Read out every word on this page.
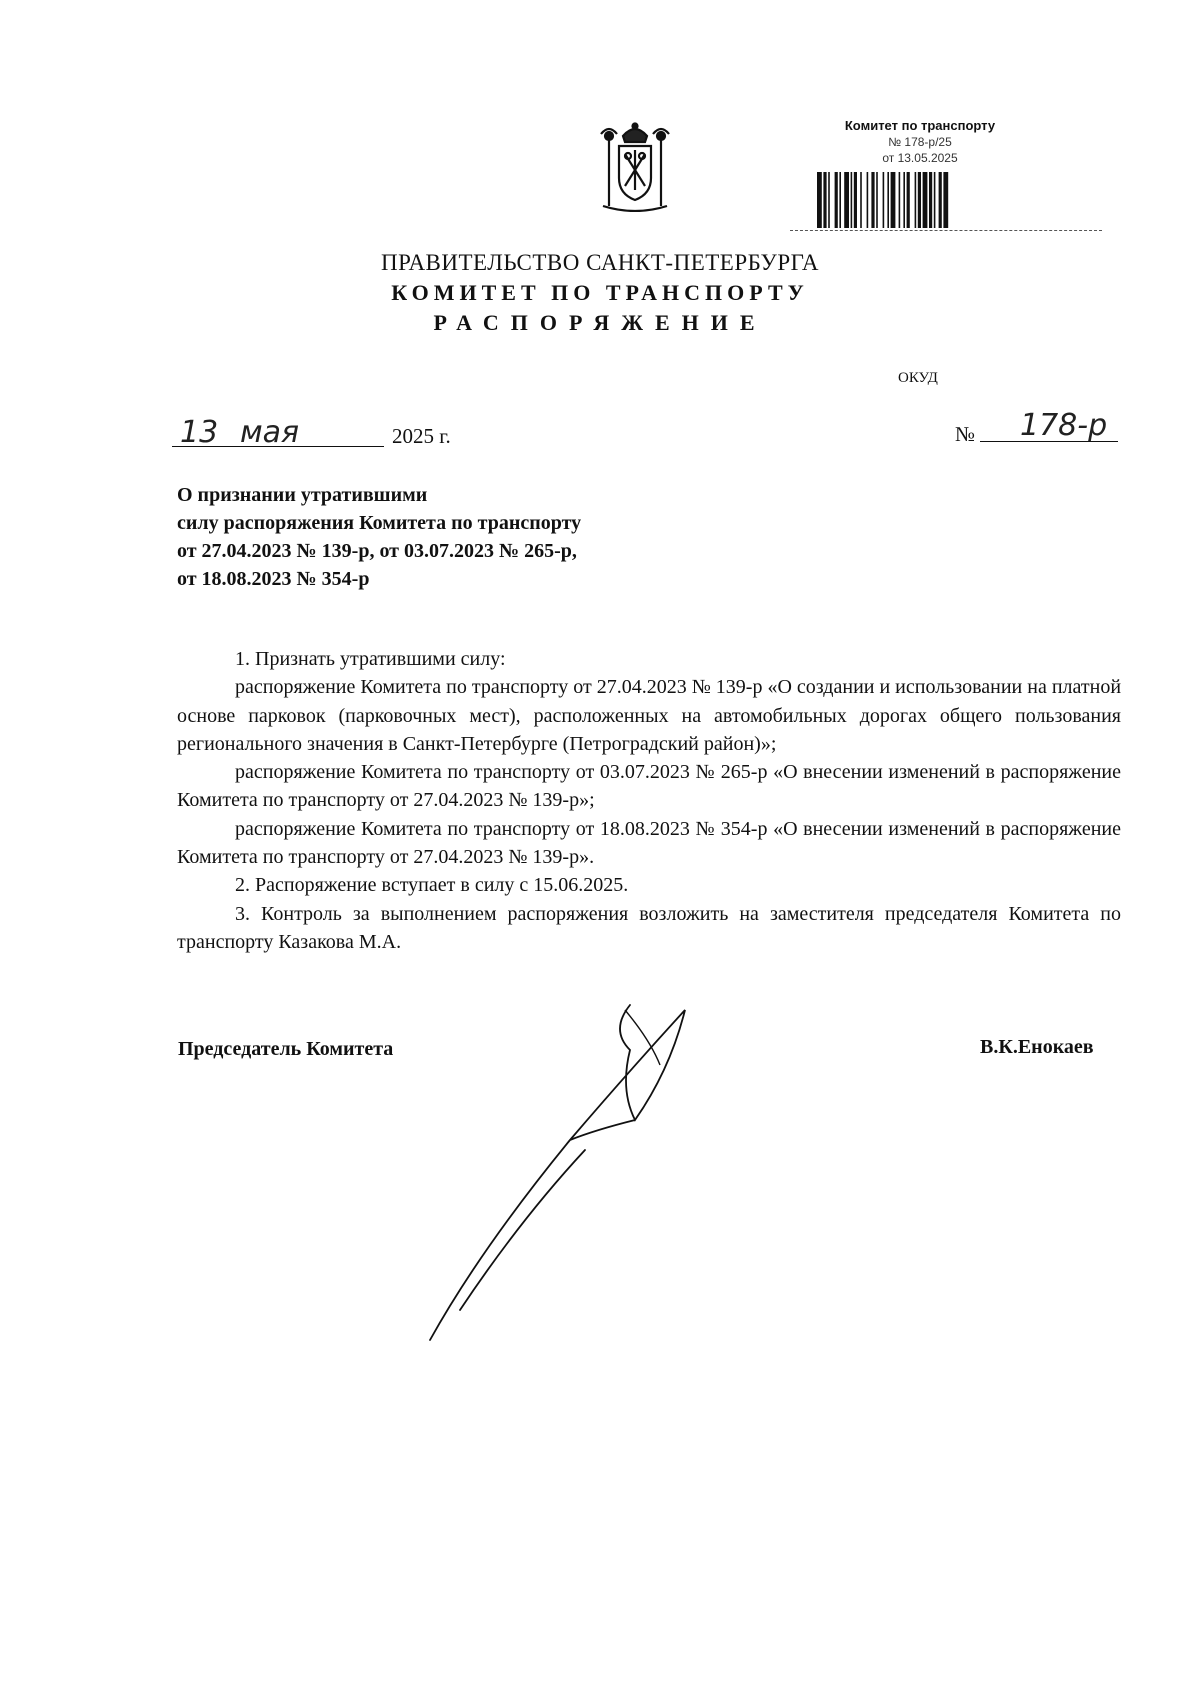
Комитет по транспорту
№ 178-р/25
от 13.05.2025
ПРАВИТЕЛЬСТВО САНКТ-ПЕТЕРБУРГА
КОМИТЕТ ПО ТРАНСПОРТУ
РАСПОРЯЖЕНИЕ
ОКУД
13 мая	2025 г.	№ 178-р
О признании утратившими
силу распоряжения Комитета по транспорту
от 27.04.2023 № 139-р, от 03.07.2023 № 265-р,
от 18.08.2023 № 354-р

1. Признать утратившими силу:

распоряжение Комитета по транспорту от 27.04.2023 № 139-р «О создании и использовании на платной основе парковок (парковочных мест), расположенных на автомобильных дорогах общего пользования регионального значения в Санкт-Петербурге (Петроградский район)»;

распоряжение Комитета по транспорту от 03.07.2023 № 265-р «О внесении изменений в распоряжение Комитета по транспорту от 27.04.2023 № 139-р»;

распоряжение Комитета по транспорту от 18.08.2023 № 354-р «О внесении изменений в распоряжение Комитета по транспорту от 27.04.2023 № 139-р».

2. Распоряжение вступает в силу с 15.06.2025.

3. Контроль за выполнением распоряжения возложить на заместителя председателя Комитета по транспорту Казакова М.А.

Председатель Комитета	В.К.Енокаев
